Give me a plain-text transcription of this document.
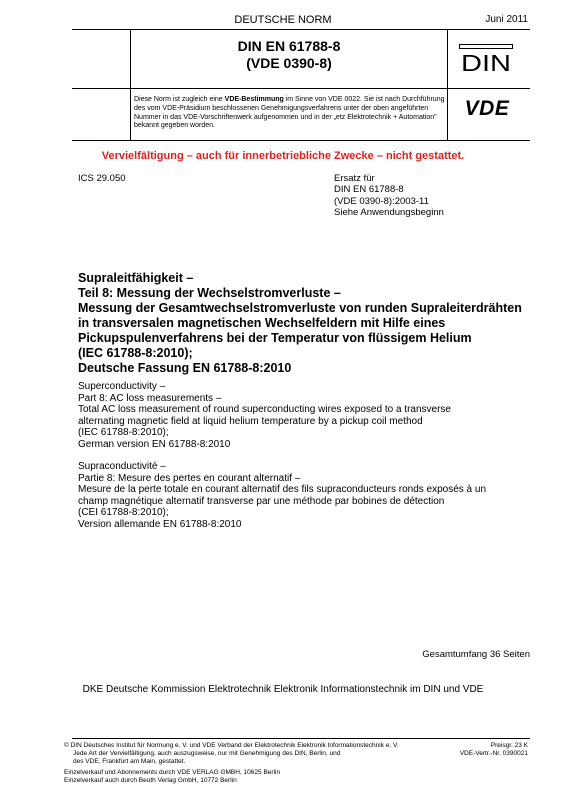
DEUTSCHE NORM	Juni 2011
DIN EN 61788-8
(VDE 0390-8)	DIN
Diese Norm ist zugleich eine VDE-Bestimmung im Sinne von VDE 0022. Sie ist nach Durchführung des vom VDE-Präsidium beschlossenen Genehmigungsverfahrens unter der oben angeführten Nummer in das VDE-Vorschriftenwerk aufgenommen und in der „etz Elektrotechnik + Automation" bekannt gegeben worden.
VDE
Vervielfältigung – auch für innerbetriebliche Zwecke – nicht gestattet.
ICS 29.050	Ersatz für
DIN EN 61788-8
(VDE 0390-8):2003-11
Siehe Anwendungsbeginn
Supraleitfähigkeit –
Teil 8: Messung der Wechselstromverluste –
Messung der Gesamtwechselstromverluste von runden Supraleiterdrähten
in transversalen magnetischen Wechselfeldern mit Hilfe eines
Pickupspulenverfahrens bei der Temperatur von flüssigem Helium
(IEC 61788-8:2010);
Deutsche Fassung EN 61788-8:2010
Superconductivity –
Part 8: AC loss measurements –
Total AC loss measurement of round superconducting wires exposed to a transverse
alternating magnetic field at liquid helium temperature by a pickup coil method
(IEC 61788-8:2010);
German version EN 61788-8:2010
Supraconductivité –
Partie 8: Mesure des pertes en courant alternatif –
Mesure de la perte totale en courant alternatif des fils supraconducteurs ronds exposés à un
champ magnétique alternatif transverse par une méthode par bobines de détection
(CEI 61788-8:2010);
Version allemande EN 61788-8:2010
Gesamtumfang 36 Seiten
DKE Deutsche Kommission Elektrotechnik Elektronik Informationstechnik im DIN und VDE
© DIN Deutsches Institut für Normung e. V. und VDE Verband der Elektrotechnik Elektronik Informationstechnik e. V.
Jede Art der Vervielfältigung, auch auszugsweise, nur mit Genehmigung des DIN, Berlin, und
des VDE, Frankfurt am Main, gestattet.
Preisgr. 23 K
VDE-Vertr.-Nr. 0390021
Einzelverkauf und Abonnements durch VDE VERLAG GMBH, 10625 Berlin
Einzelverkauf auch durch Beuth Verlag GmbH, 10772 Berlin
